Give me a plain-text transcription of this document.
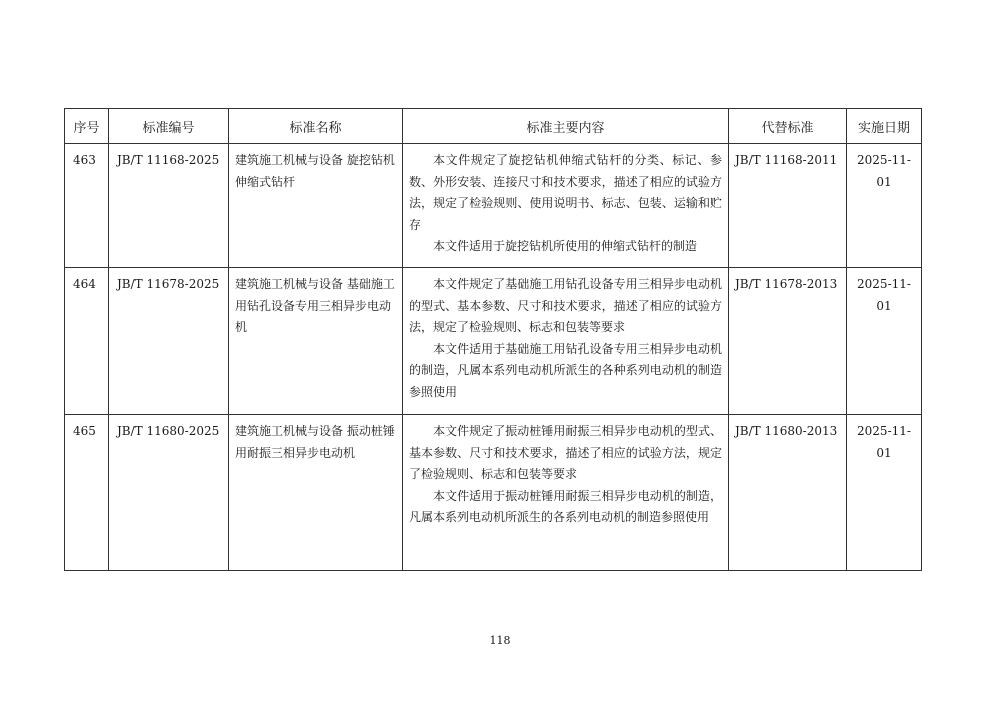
序号	标准编号	标准名称	标准主要内容	代替标准	实施日期
463	JB/T 11168-2025	建筑施工机械与设备 旋挖钻机伸缩式钻杆	本文件规定了旋挖钻机伸缩式钻杆的分类、标记、参数、外形安装、连接尺寸和技术要求，描述了相应的试验方法，规定了检验规则、使用说明书、标志、包装、运输和贮存

本文件适用于旋挖钻机所使用的伸缩式钻杆的制造	JB/T 11168-2011	2025-11-01
464	JB/T 11678-2025	建筑施工机械与设备 基础施工用钻孔设备专用三相异步电动机	本文件规定了基础施工用钻孔设备专用三相异步电动机的型式、基本参数、尺寸和技术要求，描述了相应的试验方法，规定了检验规则、标志和包装等要求

本文件适用于基础施工用钻孔设备专用三相异步电动机的制造，凡属本系列电动机所派生的各种系列电动机的制造参照使用	JB/T 11678-2013	2025-11-01
465	JB/T 11680-2025	建筑施工机械与设备 振动桩锤用耐振三相异步电动机	本文件规定了振动桩锤用耐振三相异步电动机的型式、基本参数、尺寸和技术要求，描述了相应的试验方法，规定了检验规则、标志和包装等要求

本文件适用于振动桩锤用耐振三相异步电动机的制造，凡属本系列电动机所派生的各系列电动机的制造参照使用	JB/T 11680-2013	2025-11-01
118
